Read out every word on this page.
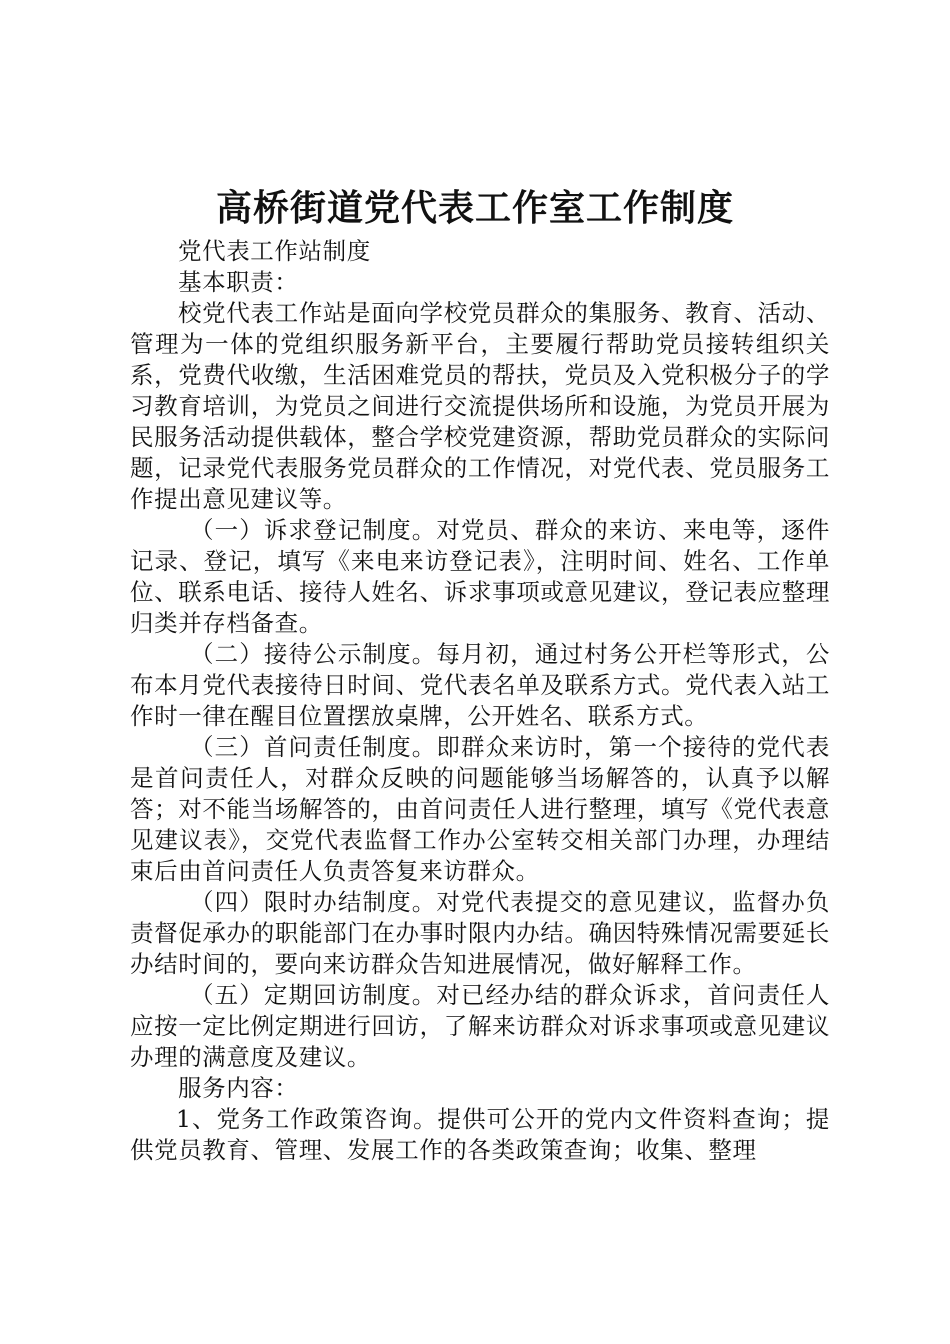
高桥街道党代表工作室工作制度

党代表工作站制度

基本职责：

校党代表工作站是面向学校党员群众的集服务、教育、活动、管理为一体的党组织服务新平台，主要履行帮助党员接转组织关系，党费代收缴，生活困难党员的帮扶，党员及入党积极分子的学习教育培训，为党员之间进行交流提供场所和设施，为党员开展为民服务活动提供载体，整合学校党建资源，帮助党员群众的实际问题，记录党代表服务党员群众的工作情况，对党代表、党员服务工作提出意见建议等。

（一）诉求登记制度。对党员、群众的来访、来电等，逐件记录、登记，填写《来电来访登记表》，注明时间、姓名、工作单位、联系电话、接待人姓名、诉求事项或意见建议，登记表应整理归类并存档备查。

（二）接待公示制度。每月初，通过村务公开栏等形式，公布本月党代表接待日时间、党代表名单及联系方式。党代表入站工作时一律在醒目位置摆放桌牌，公开姓名、联系方式。

（三）首问责任制度。即群众来访时，第一个接待的党代表是首问责任人，对群众反映的问题能够当场解答的，认真予以解答；对不能当场解答的，由首问责任人进行整理，填写《党代表意见建议表》，交党代表监督工作办公室转交相关部门办理，办理结束后由首问责任人负责答复来访群众。

（四）限时办结制度。对党代表提交的意见建议，监督办负责督促承办的职能部门在办事时限内办结。确因特殊情况需要延长办结时间的，要向来访群众告知进展情况，做好解释工作。

（五）定期回访制度。对已经办结的群众诉求，首问责任人应按一定比例定期进行回访，了解来访群众对诉求事项或意见建议办理的满意度及建议。

服务内容：

1、党务工作政策咨询。提供可公开的党内文件资料查询；提供党员教育、管理、发展工作的各类政策查询；收集、整理
